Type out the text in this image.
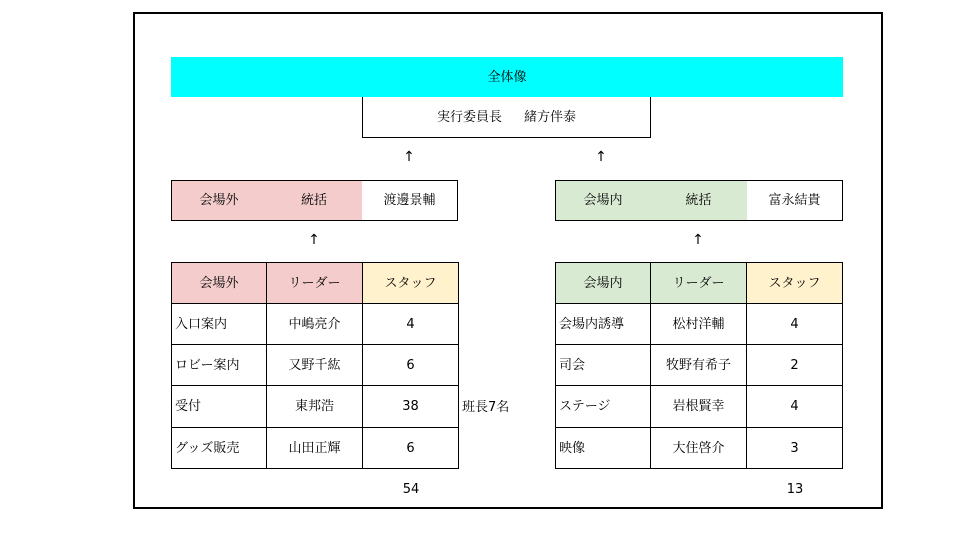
全体像
実行委員長 緒方伴泰
↑	↑
会場外	統括	渡邊景輔	会場内	統括	富永結貴
↑	↑
会場外	リーダー	スタッフ
入口案内	中嶋亮介	4
ロビー案内	又野千紘	6
受付	東邦浩	38
グッズ販売	山田正輝	6
班長7名
会場内	リーダー	スタッフ
会場内誘導	松村洋輔	4
司会	牧野有希子	2
ステージ	岩根賢幸	4
映像	大住啓介	3
54	13
